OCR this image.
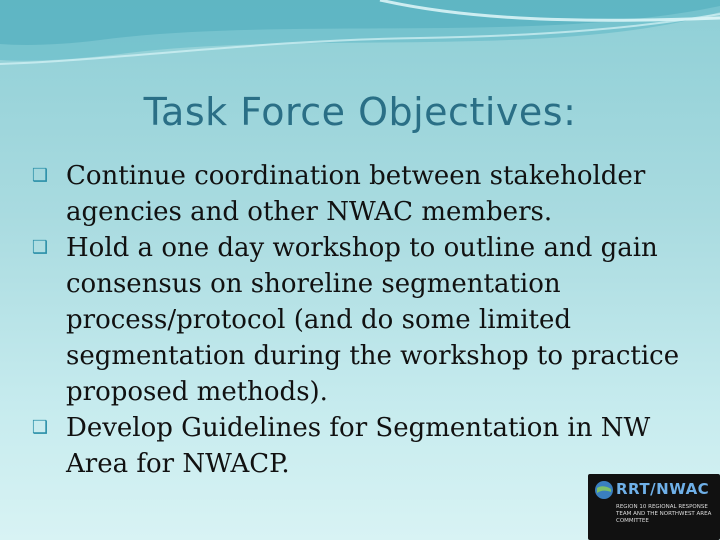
Task Force Objectives:
❑ Continue coordination between stakeholder agencies and other NWAC members.
❑ Hold a one day workshop to outline and gain consensus on shoreline segmentation process/protocol (and do some limited segmentation during the workshop to practice proposed methods).
❑ Develop Guidelines for Segmentation in NW Area for NWACP.
RRT/NWAC
REGION 10 REGIONAL RESPONSE TEAM AND THE NORTHWEST AREA COMMITTEE
